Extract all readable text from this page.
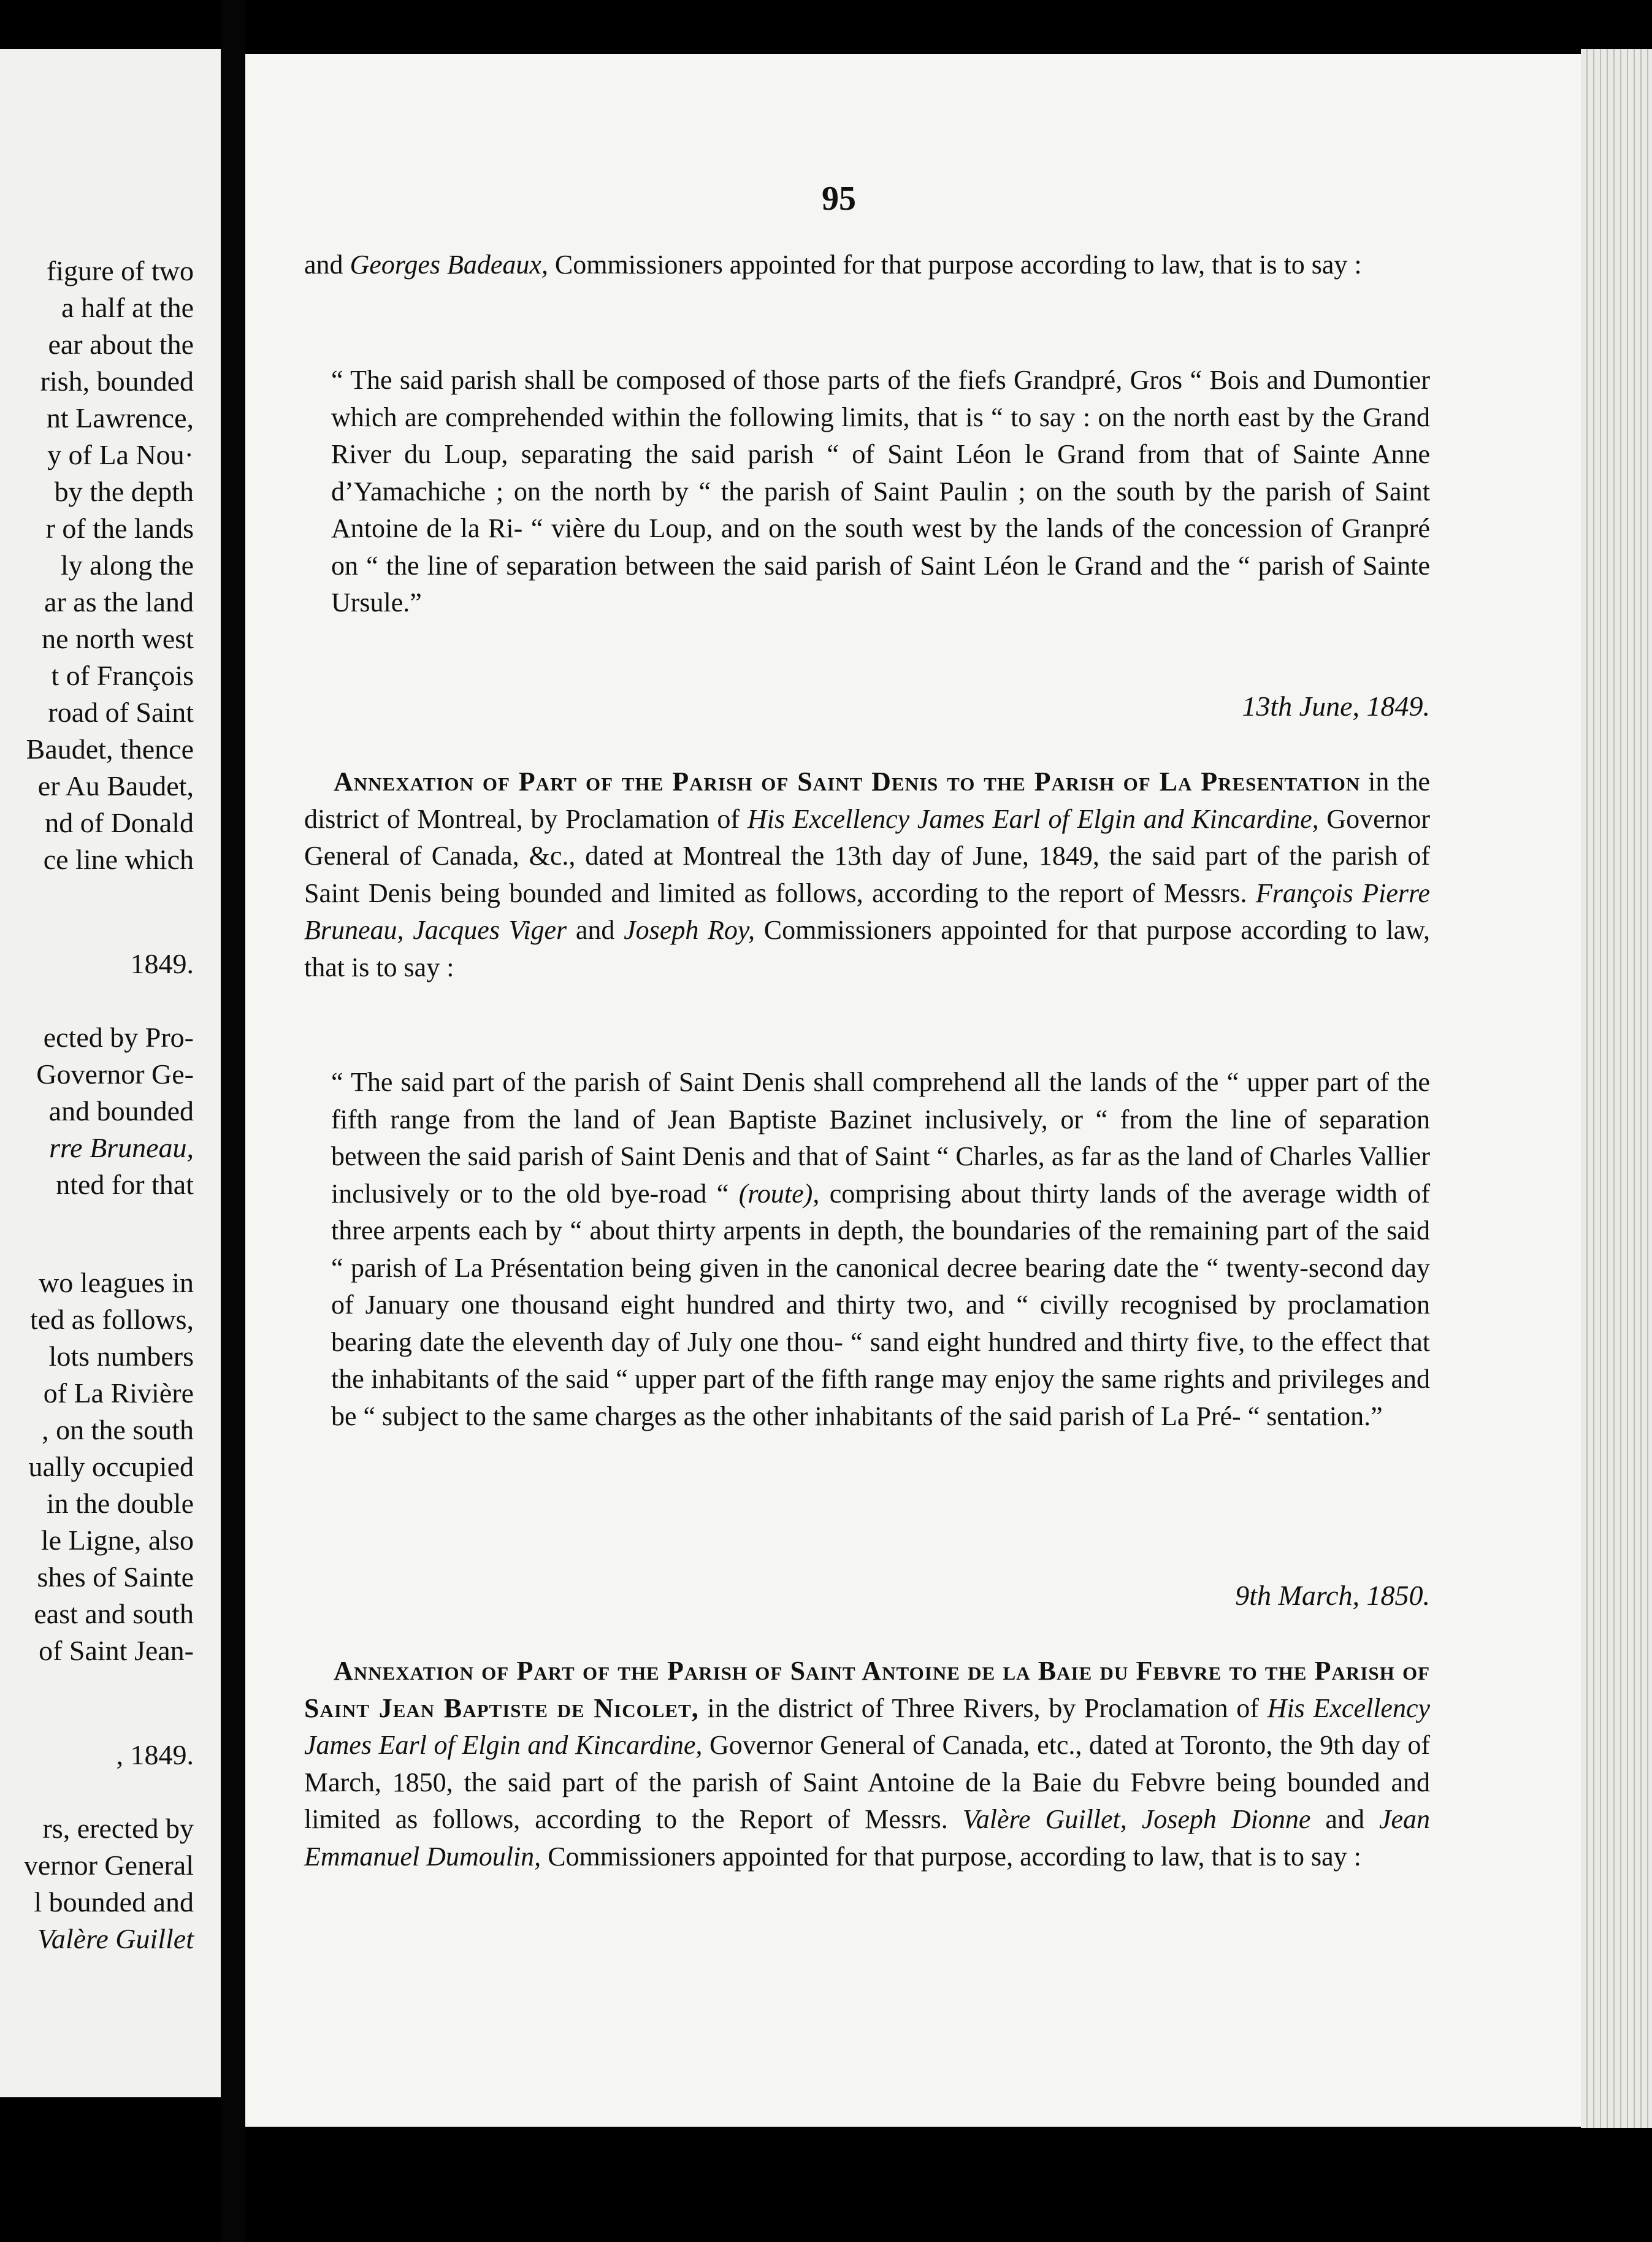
figure of two
a half at the
ear about the
rish, bounded
nt Lawrence,
y of La Nou·
by the depth
r of the lands
ly along the
ar as the land
ne north west
t of François
road of Saint
Baudet, thence
er Au Baudet,
nd of Donald
ce line which
1849.
ected by Pro-
Governor Ge-
and bounded
rre Bruneau,
nted for that
wo leagues in
ted as follows,
lots numbers
of La Rivière
, on the south
ually occupied
in the double
le Ligne, also
shes of Sainte
east and south
of Saint Jean-
, 1849.
rs, erected by
vernor General
l bounded and
Valère Guillet
95
and Georges Badeaux, Commissioners appointed for that purpose according to law, that is to say :
“ The said parish shall be composed of those parts of the fiefs Grandpré, Gros “ Bois and Dumontier which are comprehended within the following limits, that is “ to say : on the north east by the Grand River du Loup, separating the said parish “ of Saint Léon le Grand from that of Sainte Anne d’Yamachiche ; on the north by “ the parish of Saint Paulin ; on the south by the parish of Saint Antoine de la Ri- “ vière du Loup, and on the south west by the lands of the concession of Granpré on “ the line of separation between the said parish of Saint Léon le Grand and the “ parish of Sainte Ursule.”
13th June, 1849.
Annexation of Part of the Parish of Saint Denis to the Parish of La Presentation in the district of Montreal, by Proclamation of His Excellency James Earl of Elgin and Kincardine, Governor General of Canada, &c., dated at Montreal the 13th day of June, 1849, the said part of the parish of Saint Denis being bounded and limited as follows, according to the report of Messrs. François Pierre Bruneau, Jacques Viger and Joseph Roy, Commissioners appointed for that purpose according to law, that is to say :
“ The said part of the parish of Saint Denis shall comprehend all the lands of the “ upper part of the fifth range from the land of Jean Baptiste Bazinet inclusively, or “ from the line of separation between the said parish of Saint Denis and that of Saint “ Charles, as far as the land of Charles Vallier inclusively or to the old bye-road “ (route), comprising about thirty lands of the average width of three arpents each by “ about thirty arpents in depth, the boundaries of the remaining part of the said “ parish of La Présentation being given in the canonical decree bearing date the “ twenty-second day of January one thousand eight hundred and thirty two, and “ civilly recognised by proclamation bearing date the eleventh day of July one thou- “ sand eight hundred and thirty five, to the effect that the inhabitants of the said “ upper part of the fifth range may enjoy the same rights and privileges and be “ subject to the same charges as the other inhabitants of the said parish of La Pré- “ sentation.”
9th March, 1850.
Annexation of Part of the Parish of Saint Antoine de la Baie du Febvre to the Parish of Saint Jean Baptiste de Nicolet, in the district of Three Rivers, by Proclamation of His Excellency James Earl of Elgin and Kincardine, Governor General of Canada, etc., dated at Toronto, the 9th day of March, 1850, the said part of the parish of Saint Antoine de la Baie du Febvre being bounded and limited as follows, according to the Report of Messrs. Valère Guillet, Joseph Dionne and Jean Emmanuel Dumoulin, Commissioners appointed for that purpose, according to law, that is to say :
